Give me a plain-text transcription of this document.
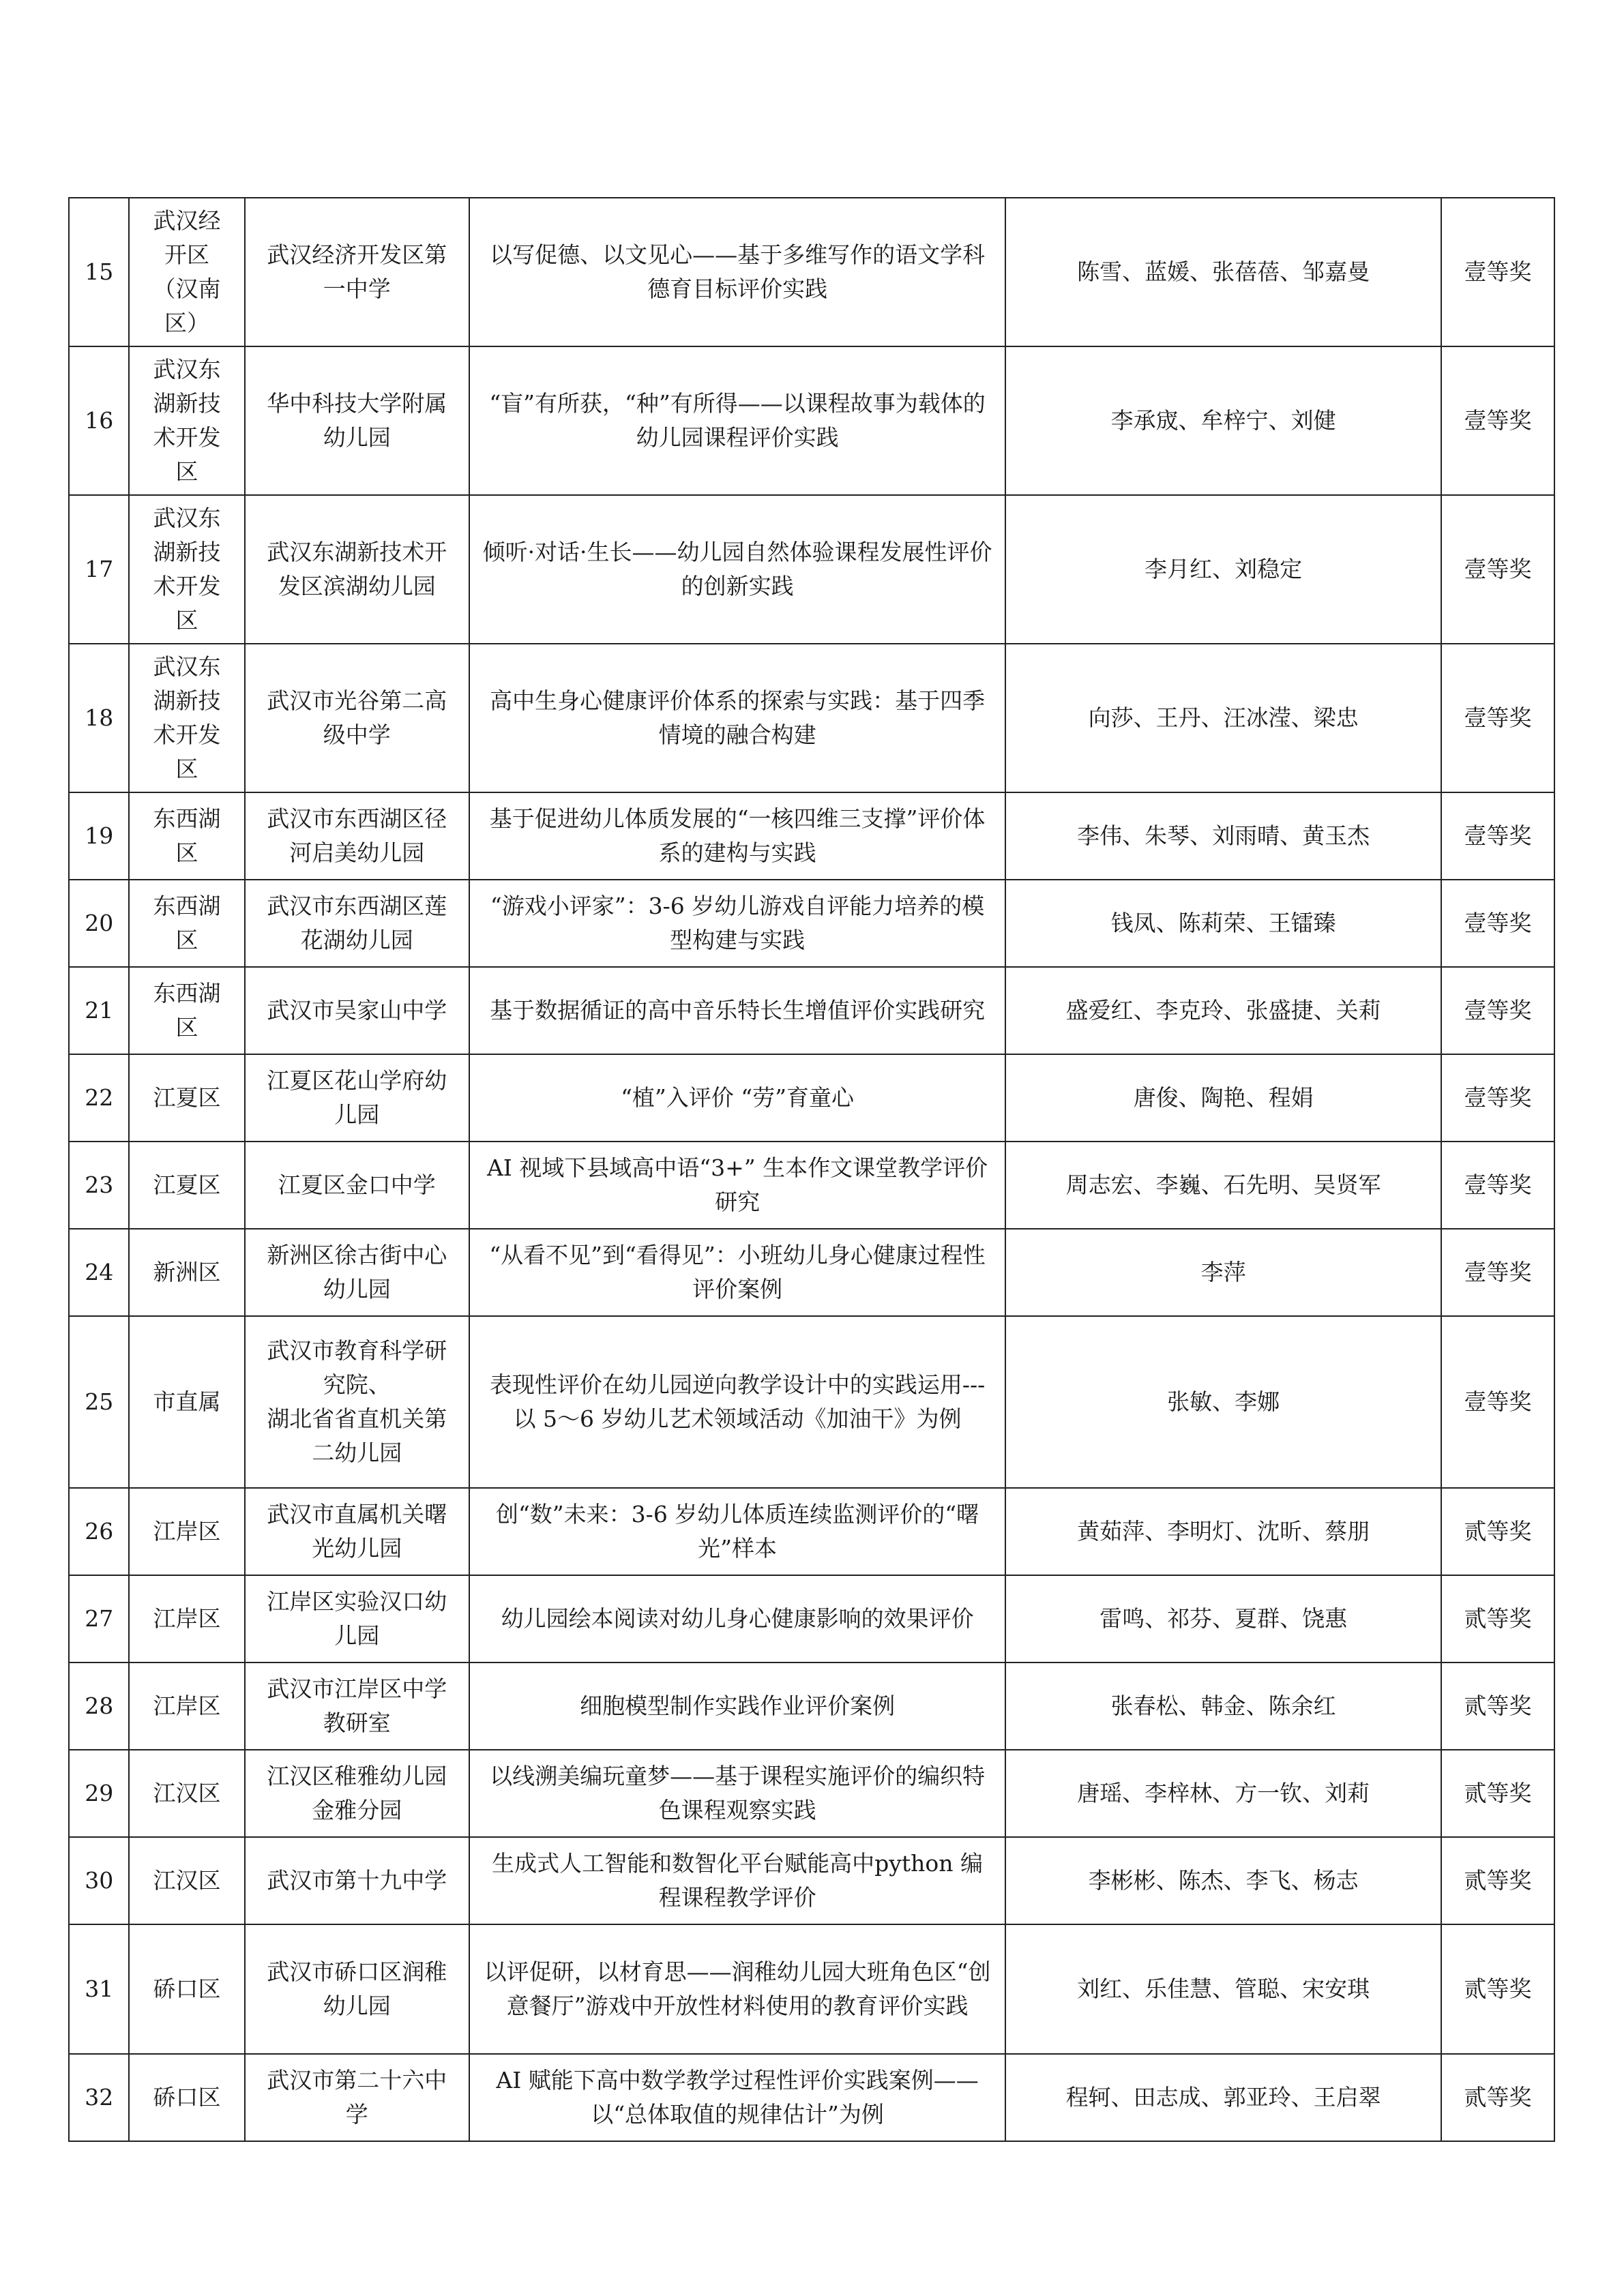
15	武汉经开区（汉南区）	武汉经济开发区第一中学	以写促德、以文见心——基于多维写作的语文学科德育目标评价实践	陈雪、蓝媛、张蓓蓓、邹嘉曼	壹等奖

16	武汉东湖新技术开发区	华中科技大学附属幼儿园	“盲”有所获，“种”有所得——以课程故事为载体的幼儿园课程评价实践	李承宬、牟梓宁、刘健	壹等奖

17	武汉东湖新技术开发区	武汉东湖新技术开发区滨湖幼儿园	倾听·对话·生长——幼儿园自然体验课程发展性评价的创新实践	李月红、刘稳定	壹等奖

18	武汉东湖新技术开发区	武汉市光谷第二高级中学	高中生身心健康评价体系的探索与实践：基于四季情境的融合构建	向莎、王丹、汪冰滢、梁忠	壹等奖

19	东西湖区	武汉市东西湖区径河启美幼儿园	基于促进幼儿体质发展的“一核四维三支撑”评价体系的建构与实践	李伟、朱琴、刘雨晴、黄玉杰	壹等奖

20	东西湖区	武汉市东西湖区莲花湖幼儿园	“游戏小评家”：3-6 岁幼儿游戏自评能力培养的模型构建与实践	钱凤、陈莉荣、王镭臻	壹等奖

21	东西湖区	武汉市吴家山中学	基于数据循证的高中音乐特长生增值评价实践研究	盛爱红、李克玲、张盛捷、关莉	壹等奖

22	江夏区	江夏区花山学府幼儿园	“植”入评价 “劳”育童心	唐俊、陶艳、程娟	壹等奖

23	江夏区	江夏区金口中学	AI 视域下县域高中语“3+” 生本作文课堂教学评价研究	周志宏、李巍、石先明、吴贤军	壹等奖

24	新洲区	新洲区徐古街中心幼儿园	“从看不见”到“看得见”：小班幼儿身心健康过程性评价案例	李萍	壹等奖

25	市直属	武汉市教育科学研究院、
湖北省省直机关第二幼儿园	表现性评价在幼儿园逆向教学设计中的实践运用---以 5～6 岁幼儿艺术领域活动《加油干》为例	张敏、李娜	壹等奖

26	江岸区	武汉市直属机关曙光幼儿园	创“数”未来：3-6 岁幼儿体质连续监测评价的“曙光”样本	黄茹萍、李明灯、沈昕、蔡朋	贰等奖

27	江岸区	江岸区实验汉口幼儿园	幼儿园绘本阅读对幼儿身心健康影响的效果评价	雷鸣、祁芬、夏群、饶惠	贰等奖

28	江岸区	武汉市江岸区中学教研室	细胞模型制作实践作业评价案例	张春松、韩金、陈余红	贰等奖

29	江汉区	江汉区稚雅幼儿园金雅分园	以线溯美编玩童梦——基于课程实施评价的编织特色课程观察实践	唐瑶、李梓林、方一钦、刘莉	贰等奖

30	江汉区	武汉市第十九中学	生成式人工智能和数智化平台赋能高中python 编程课程教学评价	李彬彬、陈杰、李飞、杨志	贰等奖

31	硚口区	武汉市硚口区润稚幼儿园	以评促研，以材育思——润稚幼儿园大班角色区“创意餐厅”游戏中开放性材料使用的教育评价实践	刘红、乐佳慧、管聪、宋安琪	贰等奖

32	硚口区	武汉市第二十六中学	AI 赋能下高中数学教学过程性评价实践案例——以“总体取值的规律估计”为例	程轲、田志成、郭亚玲、王启翠	贰等奖
